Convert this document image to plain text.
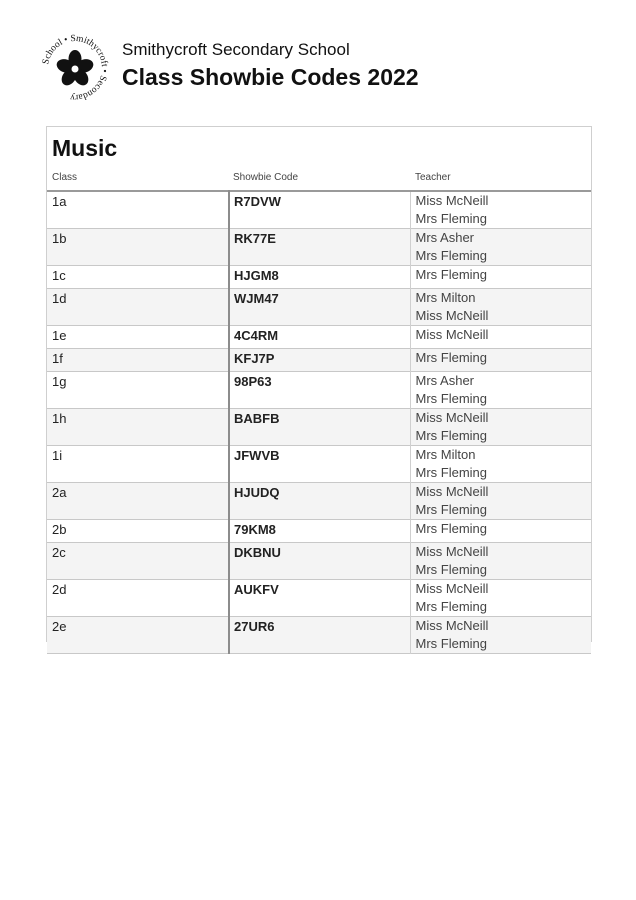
School • Smithycroft • Secondary
Smithycroft Secondary School
Class Showbie Codes 2022
Music
Class	Showbie Code	Teacher
1a	R7DVW	Miss McNeill
Mrs Fleming

1b	RK77E	Mrs Asher
Mrs Fleming

1c	HJGM8	Mrs Fleming

1d	WJM47	Mrs Milton
Miss McNeill

1e	4C4RM	Miss McNeill

1f	KFJ7P	Mrs Fleming

1g	98P63	Mrs Asher
Mrs Fleming

1h	BABFB	Miss McNeill
Mrs Fleming

1i	JFWVB	Mrs Milton
Mrs Fleming

2a	HJUDQ	Miss McNeill
Mrs Fleming

2b	79KM8	Mrs Fleming

2c	DKBNU	Miss McNeill
Mrs Fleming

2d	AUKFV	Miss McNeill
Mrs Fleming

2e	27UR6	Miss McNeill
Mrs Fleming
